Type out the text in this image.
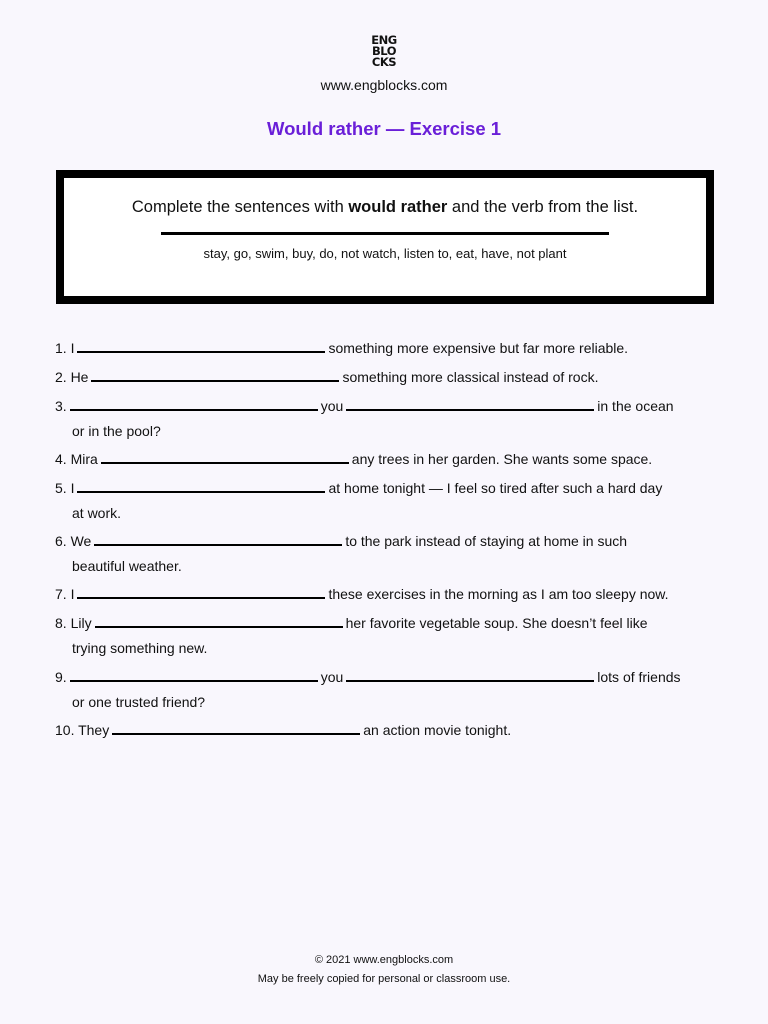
ENG
BLO
CKS
www.engblocks.com
Would rather — Exercise 1
Complete the sentences with would rather and the verb from the list.
stay, go, swim, buy, do, not watch, listen to, eat, have, not plant
1. I	something more expensive but far more reliable.
2. He	something more classical instead of rock.
3.	you	in the ocean
or in the pool?
4. Mira	any trees in her garden. She wants some space.
5. I	at home tonight — I feel so tired after such a hard day
at work.
6. We	to the park instead of staying at home in such
beautiful weather.
7. I	these exercises in the morning as I am too sleepy now.
8. Lily	her favorite vegetable soup. She doesn’t feel like
trying something new.
9.	you	lots of friends
or one trusted friend?
10. They	an action movie tonight.
© 2021 www.engblocks.com
May be freely copied for personal or classroom use.
